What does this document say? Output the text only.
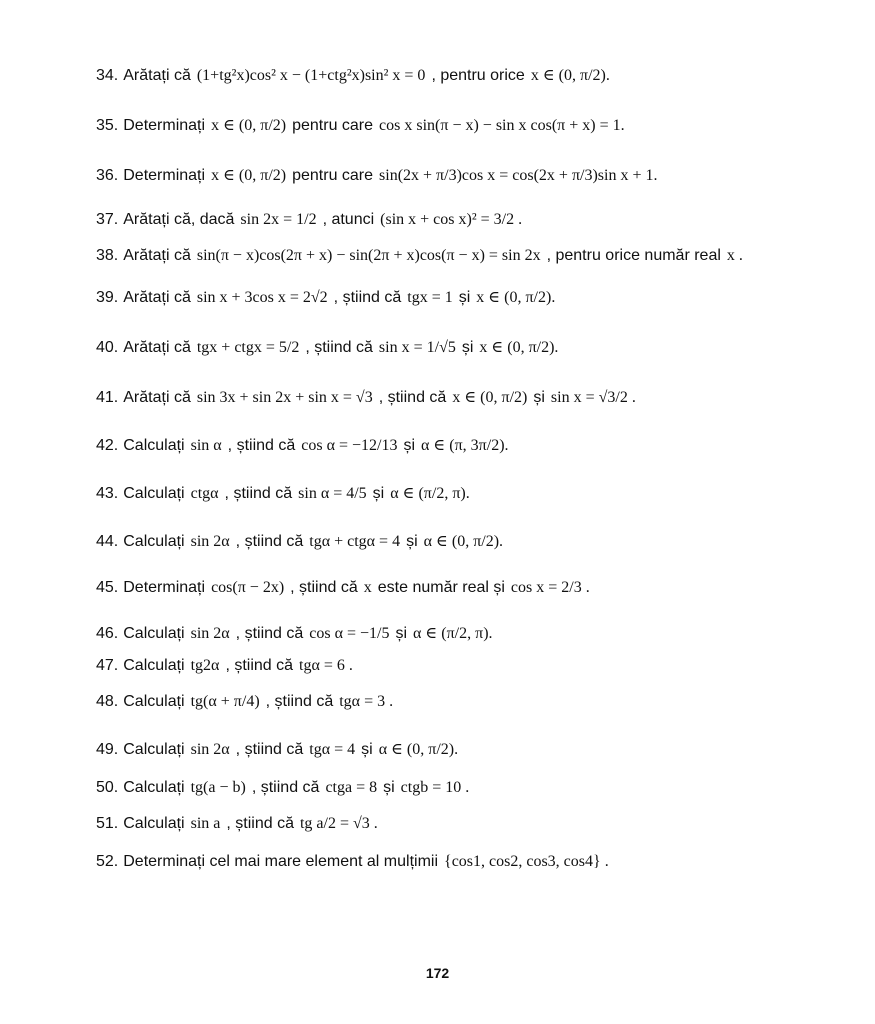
34. Arătați că (1+tg²x)cos² x − (1+ctg²x)sin² x = 0 , pentru orice x ∈ (0, π/2).
35. Determinați x ∈ (0, π/2) pentru care cos x sin(π − x) − sin x cos(π + x) = 1.
36. Determinați x ∈ (0, π/2) pentru care sin(2x + π/3)cos x = cos(2x + π/3)sin x + 1.
37. Arătați că, dacă sin 2x = 1/2 , atunci (sin x + cos x)² = 3/2 .
38. Arătați că sin(π − x)cos(2π + x) − sin(2π + x)cos(π − x) = sin 2x , pentru orice număr real x .
39. Arătați că sin x + 3cos x = 2√2 , știind că tgx = 1 și x ∈ (0, π/2).
40. Arătați că tgx + ctgx = 5/2 , știind că sin x = 1/√5 și x ∈ (0, π/2).
41. Arătați că sin 3x + sin 2x + sin x = √3 , știind că x ∈ (0, π/2) și sin x = √3/2 .
42. Calculați sin α , știind că cos α = −12/13 și α ∈ (π, 3π/2).
43. Calculați ctgα , știind că sin α = 4/5 și α ∈ (π/2, π).
44. Calculați sin 2α , știind că tgα + ctgα = 4 și α ∈ (0, π/2).
45. Determinați cos(π − 2x) , știind că x este număr real și cos x = 2/3 .
46. Calculați sin 2α , știind că cos α = −1/5 și α ∈ (π/2, π).
47. Calculați tg2α , știind că tgα = 6 .
48. Calculați tg(α + π/4) , știind că tgα = 3 .
49. Calculați sin 2α , știind că tgα = 4 și α ∈ (0, π/2).
50. Calculați tg(a − b) , știind că ctga = 8 și ctgb = 10 .
51. Calculați sin a , știind că tg a/2 = √3 .
52. Determinați cel mai mare element al mulțimii {cos1, cos2, cos3, cos4} .
172
